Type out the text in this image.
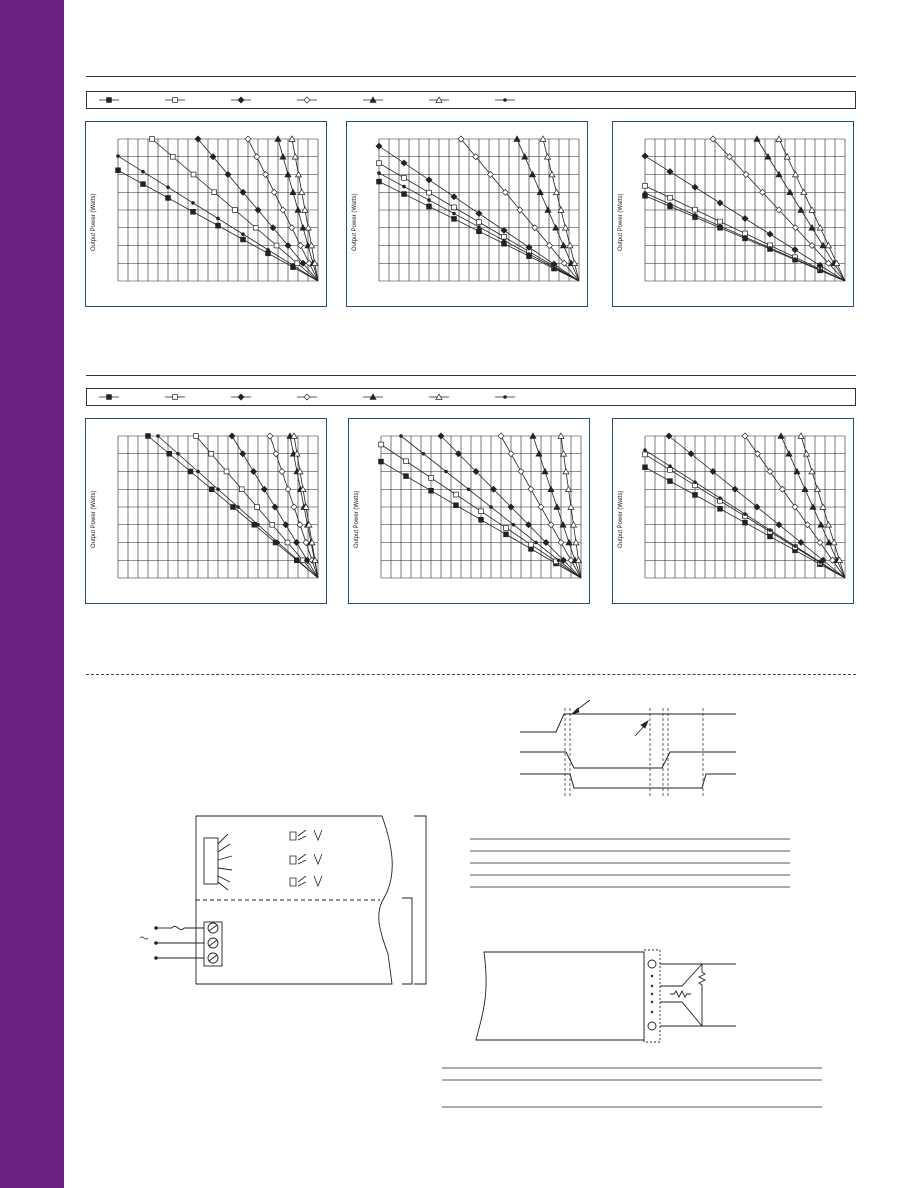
Output Power (Watts)	Output Power (Watts)	Output Power (Watts)
Output Power (Watts)	Output Power (Watts)	Output Power (Watts)
